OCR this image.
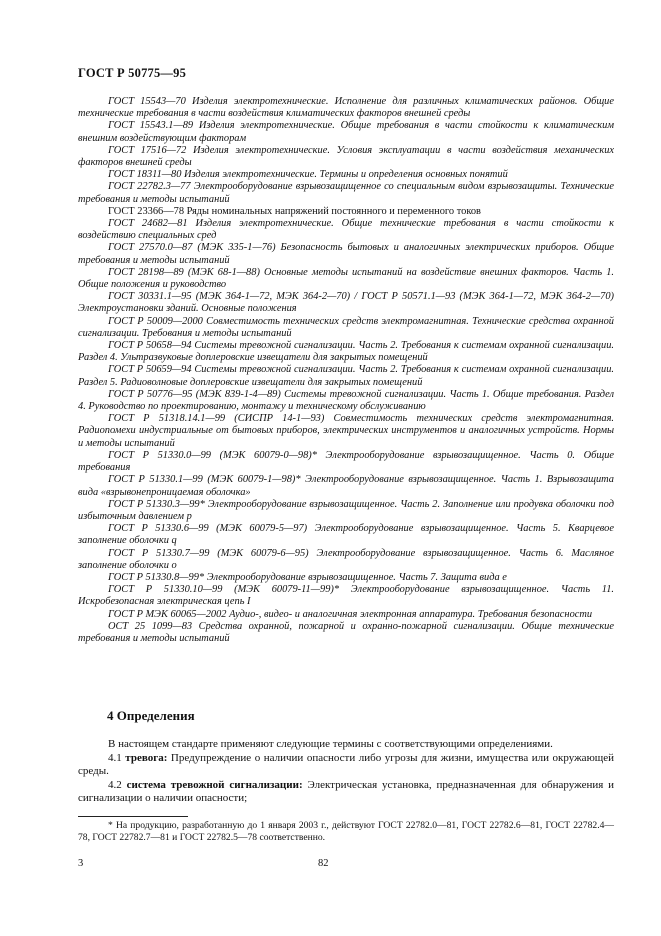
ГОСТ Р 50775—95

ГОСТ 15543—70 Изделия электротехнические. Исполнение для различных климатических районов. Общие технические требования в части воздействия климатических факторов внешней среды

ГОСТ 15543.1—89 Изделия электротехнические. Общие требования в части стойкости к климатическим внешним воздействующим факторам

ГОСТ 17516—72 Изделия электротехнические. Условия эксплуатации в части воздействия механических факторов внешней среды

ГОСТ 18311—80 Изделия электротехнические. Термины и определения основных понятий

ГОСТ 22782.3—77 Электрооборудование взрывозащищенное со специальным видом взрывозащиты. Технические требования и методы испытаний

ГОСТ 23366—78 Ряды номинальных напряжений постоянного и переменного токов

ГОСТ 24682—81 Изделия электротехнические. Общие технические требования в части стойкости к воздействию специальных сред

ГОСТ 27570.0—87 (МЭК 335-1—76) Безопасность бытовых и аналогичных электрических приборов. Общие требования и методы испытаний

ГОСТ 28198—89 (МЭК 68-1—88) Основные методы испытаний на воздействие внешних факторов. Часть 1. Общие положения и руководство

ГОСТ 30331.1—95 (МЭК 364-1—72, МЭК 364-2—70) / ГОСТ Р 50571.1—93 (МЭК 364-1—72, МЭК 364-2—70) Электроустановки зданий. Основные положения

ГОСТ Р 50009—2000 Совместимость технических средств электромагнитная. Технические средства охранной сигнализации. Требования и методы испытаний

ГОСТ Р 50658—94 Системы тревожной сигнализации. Часть 2. Требования к системам охранной сигнализации. Раздел 4. Ультразвуковые доплеровские извещатели для закрытых помещений

ГОСТ Р 50659—94 Системы тревожной сигнализации. Часть 2. Требования к системам охранной сигнализации. Раздел 5. Радиоволновые доплеровские извещатели для закрытых помещений

ГОСТ Р 50776—95 (МЭК 839-1-4—89) Системы тревожной сигнализации. Часть 1. Общие требования. Раздел 4. Руководство по проектированию, монтажу и техническому обслуживанию

ГОСТ Р 51318.14.1—99 (СИСПР 14-1—93) Совместимость технических средств электромагнитная. Радиопомехи индустриальные от бытовых приборов, электрических инструментов и аналогичных устройств. Нормы и методы испытаний

ГОСТ Р 51330.0—99 (МЭК 60079-0—98)* Электрооборудование взрывозащищенное. Часть 0. Общие требования

ГОСТ Р 51330.1—99 (МЭК 60079-1—98)* Электрооборудование взрывозащищенное. Часть 1. Взрывозащита вида «взрывонепроницаемая оболочка»

ГОСТ Р 51330.3—99* Электрооборудование взрывозащищенное. Часть 2. Заполнение или продувка оболочки под избыточным давлением р

ГОСТ Р 51330.6—99 (МЭК 60079-5—97) Электрооборудование взрывозащищенное. Часть 5. Кварцевое заполнение оболочки q

ГОСТ Р 51330.7—99 (МЭК 60079-6—95) Электрооборудование взрывозащищенное. Часть 6. Масляное заполнение оболочки о

ГОСТ Р 51330.8—99* Электрооборудование взрывозащищенное. Часть 7. Защита вида е

ГОСТ Р 51330.10—99 (МЭК 60079-11—99)* Электрооборудование взрывозащищенное. Часть 11. Искробезопасная электрическая цепь I

ГОСТ Р МЭК 60065—2002 Аудио-, видео- и аналогичная электронная аппаратура. Требования безопасности

ОСТ 25 1099—83 Средства охранной, пожарной и охранно-пожарной сигнализации. Общие технические требования и методы испытаний

4 Определения

В настоящем стандарте применяют следующие термины с соответствующими определениями.

4.1 тревога: Предупреждение о наличии опасности либо угрозы для жизни, имущества или окружающей среды.

4.2 система тревожной сигнализации: Электрическая установка, предназначенная для обнаружения и сигнализации о наличии опасности;

* На продукцию, разработанную до 1 января 2003 г., действуют ГОСТ 22782.0—81, ГОСТ 22782.6—81, ГОСТ 22782.4—78, ГОСТ 22782.7—81 и ГОСТ 22782.5—78 соответственно.

3	82
